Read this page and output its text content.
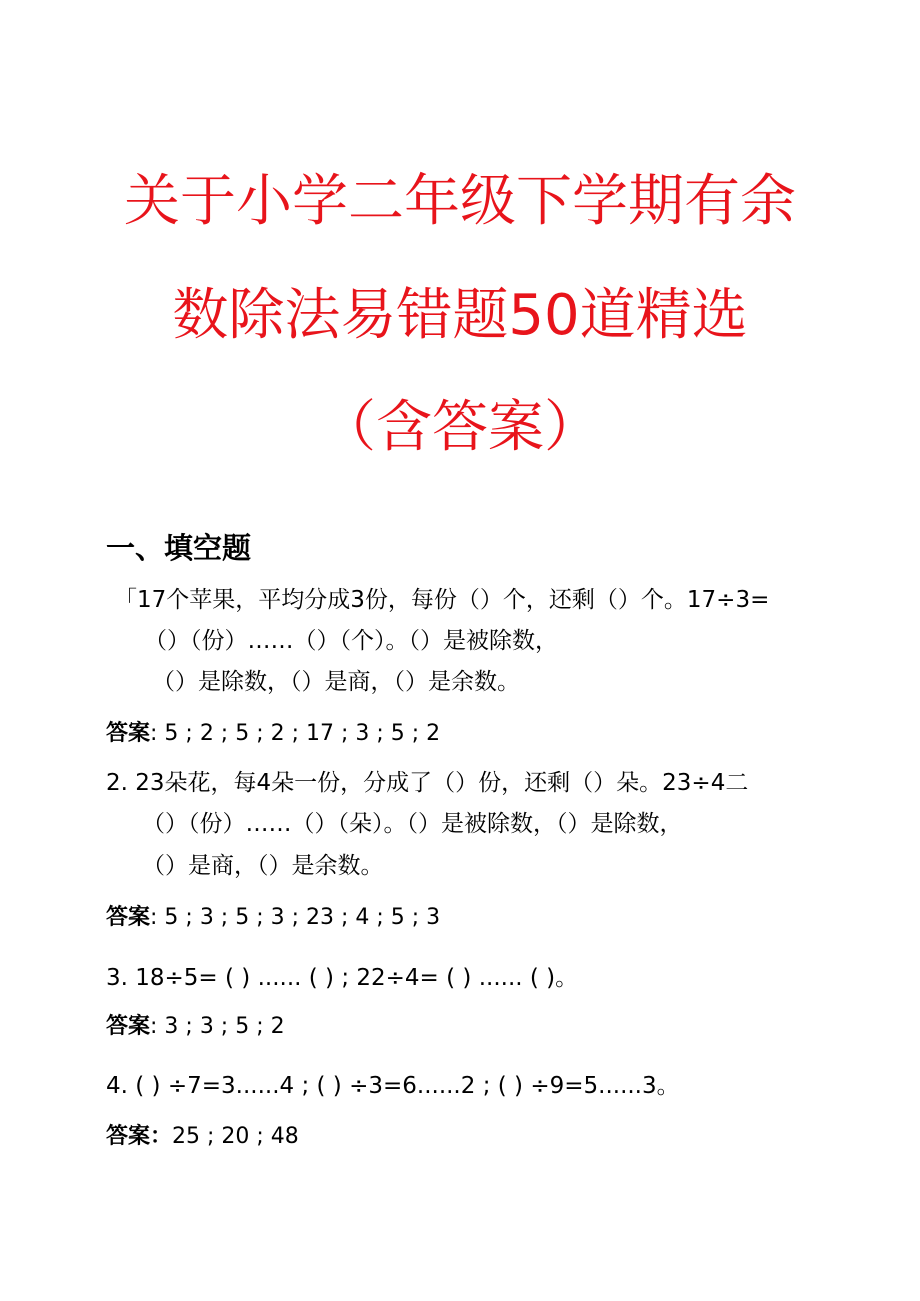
关于小学二年级下学期有余
数除法易错题50道精选
（含答案）
一、填空题
「17个苹果，平均分成3份，每份（）个，还剩（）个。17÷3=
（）（份）……（）（个）。（）是被除数，
（）是除数，（）是商，（）是余数。
答案: 5 ; 2 ; 5 ; 2 ; 17 ; 3 ; 5 ; 2
2. 23朵花，每4朵一份，分成了（）份，还剩（）朵。23÷4二
（）（份）……（）（朵）。（）是被除数，（）是除数，
（）是商，（）是余数。
答案: 5 ; 3 ; 5 ; 3 ; 23 ; 4 ; 5 ; 3
3. 18÷5= ( ) ...... ( ) ; 22÷4= ( ) ...... ( )。
答案: 3 ; 3 ; 5 ; 2
4. ( ) ÷7=3......4 ; ( ) ÷3=6......2 ; ( ) ÷9=5......3。
答案：25 ; 20 ; 48
